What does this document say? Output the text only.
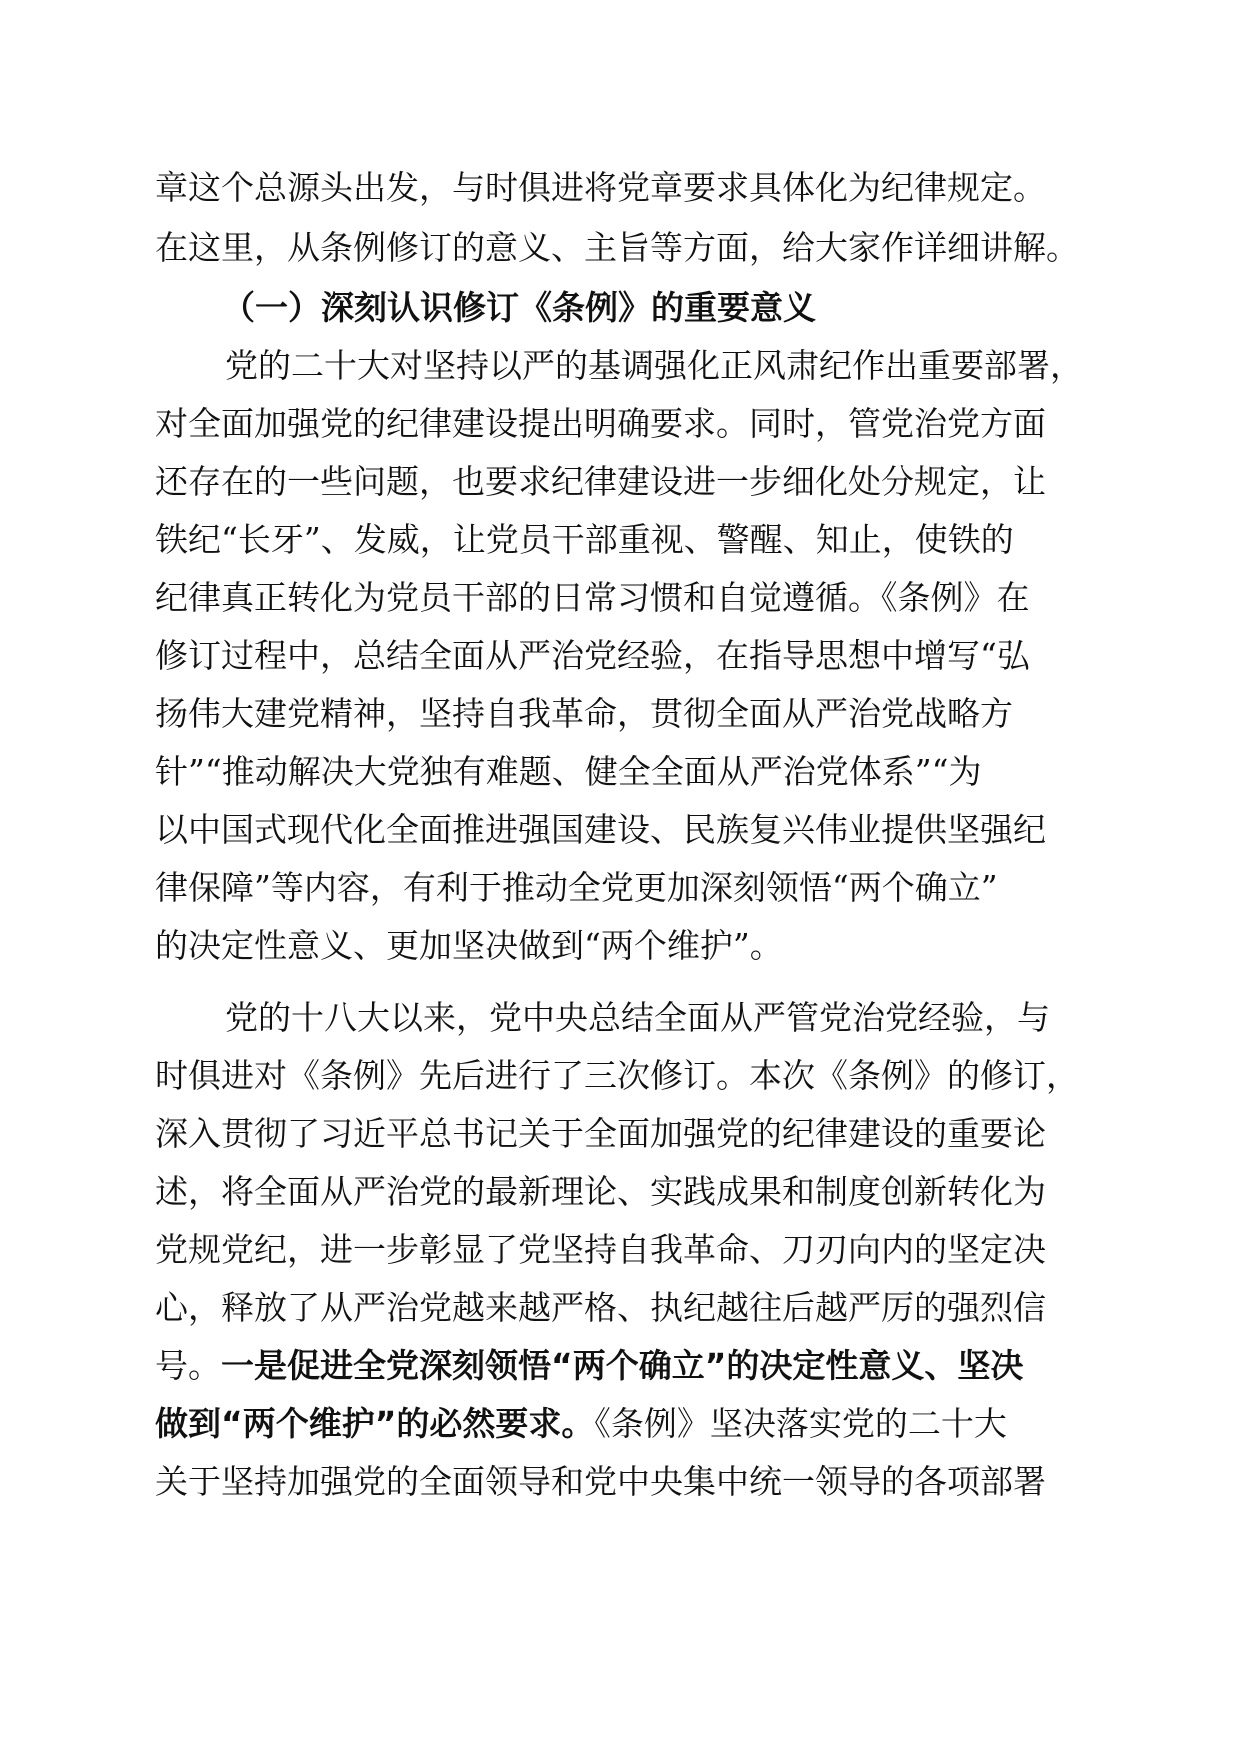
章这个总源头出发，与时俱进将党章要求具体化为纪律规定。
在这里，从条例修订的意义、主旨等方面，给大家作详细讲解。
（一）深刻认识修订《条例》的重要意义
党的二十大对坚持以严的基调强化正风肃纪作出重要部署，
对全面加强党的纪律建设提出明确要求。同时，管党治党方面
还存在的一些问题，也要求纪律建设进一步细化处分规定，让
铁纪“长牙”、发威，让党员干部重视、警醒、知止，使铁的
纪律真正转化为党员干部的日常习惯和自觉遵循。《条例》在
修订过程中，总结全面从严治党经验，在指导思想中增写“弘
扬伟大建党精神，坚持自我革命，贯彻全面从严治党战略方
针”“推动解决大党独有难题、健全全面从严治党体系”“为
以中国式现代化全面推进强国建设、民族复兴伟业提供坚强纪
律保障”等内容，有利于推动全党更加深刻领悟“两个确立”
的决定性意义、更加坚决做到“两个维护”。
党的十八大以来，党中央总结全面从严管党治党经验，与
时俱进对《条例》先后进行了三次修订。本次《条例》的修订，
深入贯彻了习近平总书记关于全面加强党的纪律建设的重要论
述，将全面从严治党的最新理论、实践成果和制度创新转化为
党规党纪，进一步彰显了党坚持自我革命、刀刃向内的坚定决
心，释放了从严治党越来越严格、执纪越往后越严厉的强烈信
号。一是促进全党深刻领悟“两个确立”的决定性意义、坚决
做到“两个维护”的必然要求。《条例》坚决落实党的二十大
关于坚持加强党的全面领导和党中央集中统一领导的各项部署
